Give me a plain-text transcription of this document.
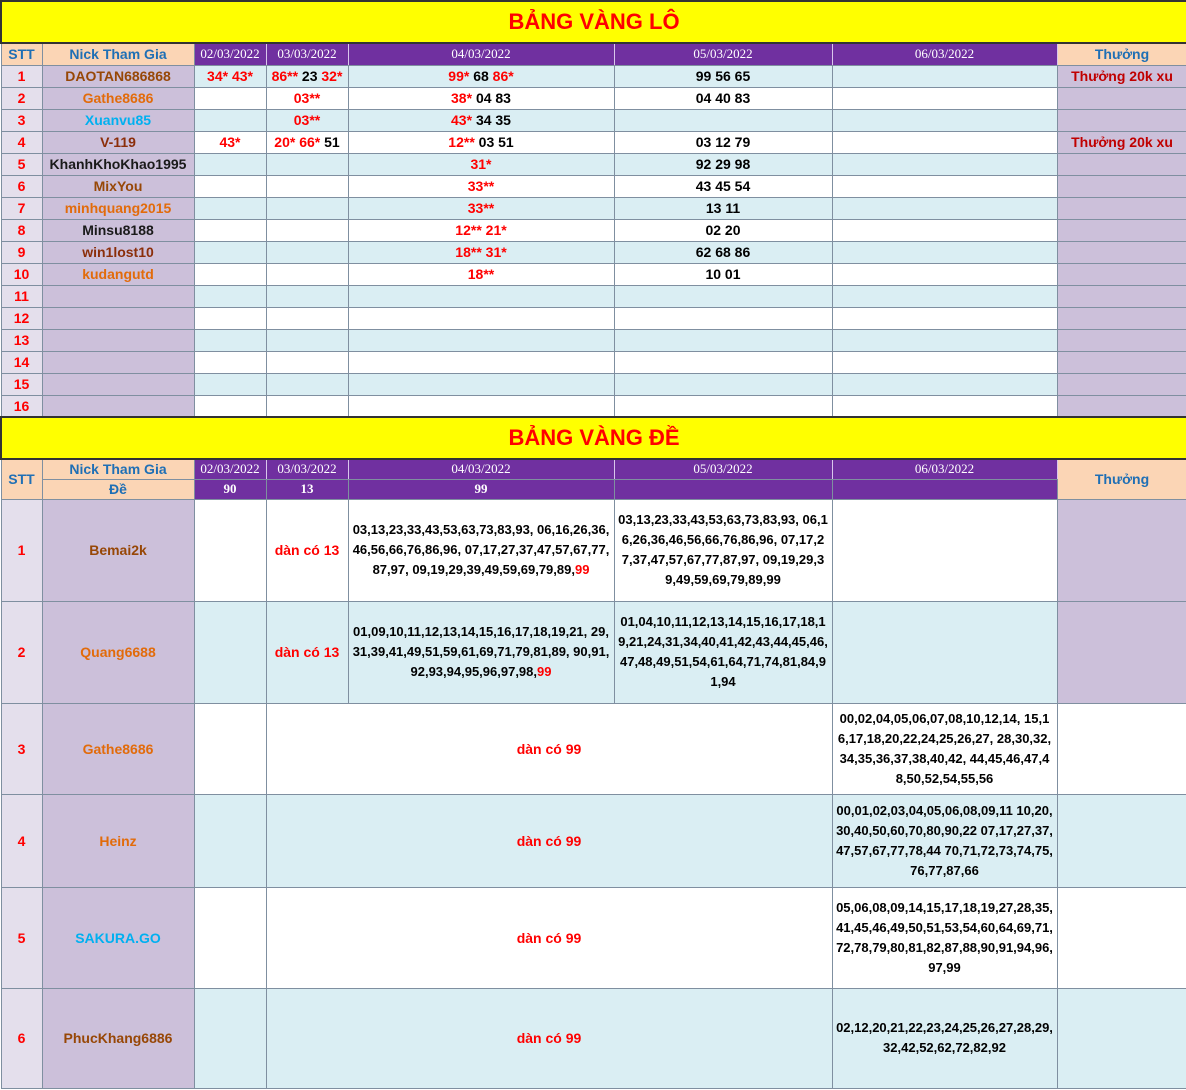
BẢNG VÀNG LÔ							
STT	Nick Tham Gia	02/03/2022	03/03/2022	04/03/2022	05/03/2022	06/03/2022	Thưởng
1	DAOTAN686868	34* 43*	86** 23 32*	99* 68 86*	99 56 65		Thưởng 20k xu
2	Gathe8686		03**	38* 04 83	04 40 83		
3	Xuanvu85		03**	43* 34 35			
4	V-119	43*	20* 66* 51	12** 03 51	03 12 79		Thưởng 20k xu
5	KhanhKhoKhao1995			31*	92 29 98		
6	MixYou			33**	43 45 54		
7	minhquang2015			33**	13 11		
8	Minsu8188			12** 21*	02 20		
9	win1lost10			18** 31*	62 68 86		
10	kudangutd			18**	10 01		
11							
12							
13							
14							
15							
16							
BẢNG VÀNG ĐỀ								
STT	Nick Tham Gia	02/03/2022	03/03/2022	04/03/2022	05/03/2022	06/03/2022	Thưởng	
	Đề	90	13	99				
1	Bemai2k		dàn có 13	03,13,23,33,43,53,63,73,83,93, 06,16,26,36,46,56,66,76,86,96, 07,17,27,37,47,57,67,77,87,97, 09,19,29,39,49,59,69,79,89,99	03,13,23,33,43,53,63,73,83,93, 06,16,26,36,46,56,66,76,86,96, 07,17,27,37,47,57,67,77,87,97, 09,19,29,39,49,59,69,79,89,99			
2	Quang6688		dàn có 13	01,09,10,11,12,13,14,15,16,17,18,19,21, 29,31,39,41,49,51,59,61,69,71,79,81,89, 90,91,92,93,94,95,96,97,98,99	01,04,10,11,12,13,14,15,16,17,18,19,21,24,31,34,40,41,42,43,44,45,46,47,48,49,51,54,61,64,71,74,81,84,91,94			
3	Gathe8686		dàn có 99			00,02,04,05,06,07,08,10,12,14, 15,16,17,18,20,22,24,25,26,27, 28,30,32,34,35,36,37,38,40,42, 44,45,46,47,48,50,52,54,55,56		
4	Heinz		dàn có 99			00,01,02,03,04,05,06,08,09,11 10,20,30,40,50,60,70,80,90,22 07,17,27,37,47,57,67,77,78,44 70,71,72,73,74,75,76,77,87,66		
5	SAKURA.GO		dàn có 99			05,06,08,09,14,15,17,18,19,27,28,35,41,45,46,49,50,51,53,54,60,64,69,71,72,78,79,80,81,82,87,88,90,91,94,96,97,99		
6	PhucKhang6886		dàn có 99			02,12,20,21,22,23,24,25,26,27,28,29,32,42,52,62,72,82,92		
